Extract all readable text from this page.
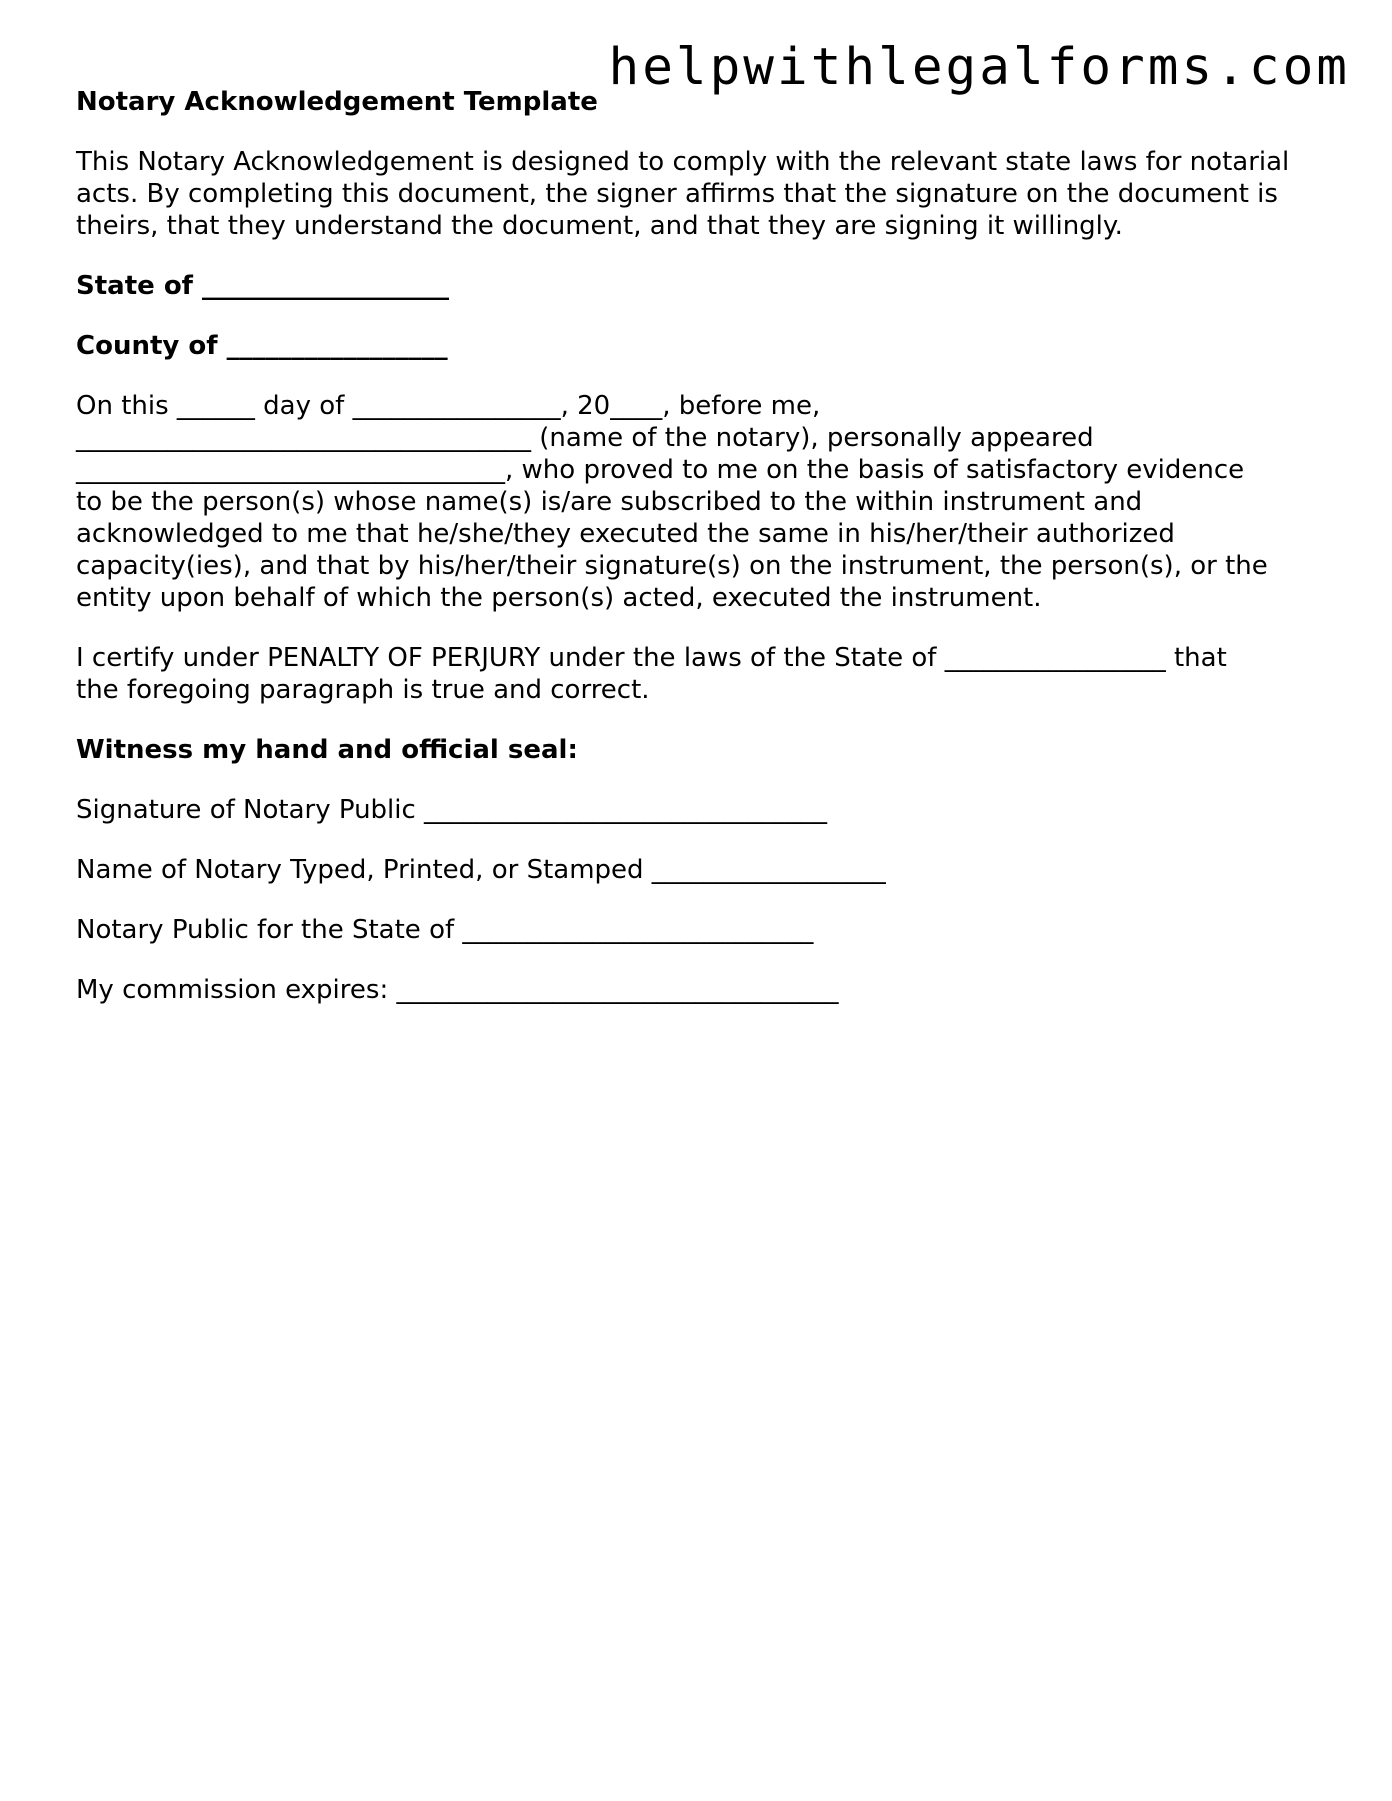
helpwithlegalforms.com

Notary Acknowledgement Template

This Notary Acknowledgement is designed to comply with the relevant state laws for notarial acts. By completing this document, the signer affirms that the signature on the document is theirs, that they understand the document, and that they are signing it willingly.

State of ___________________

County of _________________

On this ______ day of ________________, 20____, before me,
___________________________________ (name of the notary), personally appeared
_________________________________, who proved to me on the basis of satisfactory evidence
to be the person(s) whose name(s) is/are subscribed to the within instrument and
acknowledged to me that he/she/they executed the same in his/her/their authorized
capacity(ies), and that by his/her/their signature(s) on the instrument, the person(s), or the
entity upon behalf of which the person(s) acted, executed the instrument.

I certify under PENALTY OF PERJURY under the laws of the State of _________________ that
the foregoing paragraph is true and correct.

Witness my hand and official seal:

Signature of Notary Public _______________________________

Name of Notary Typed, Printed, or Stamped __________________

Notary Public for the State of ___________________________

My commission expires: __________________________________
